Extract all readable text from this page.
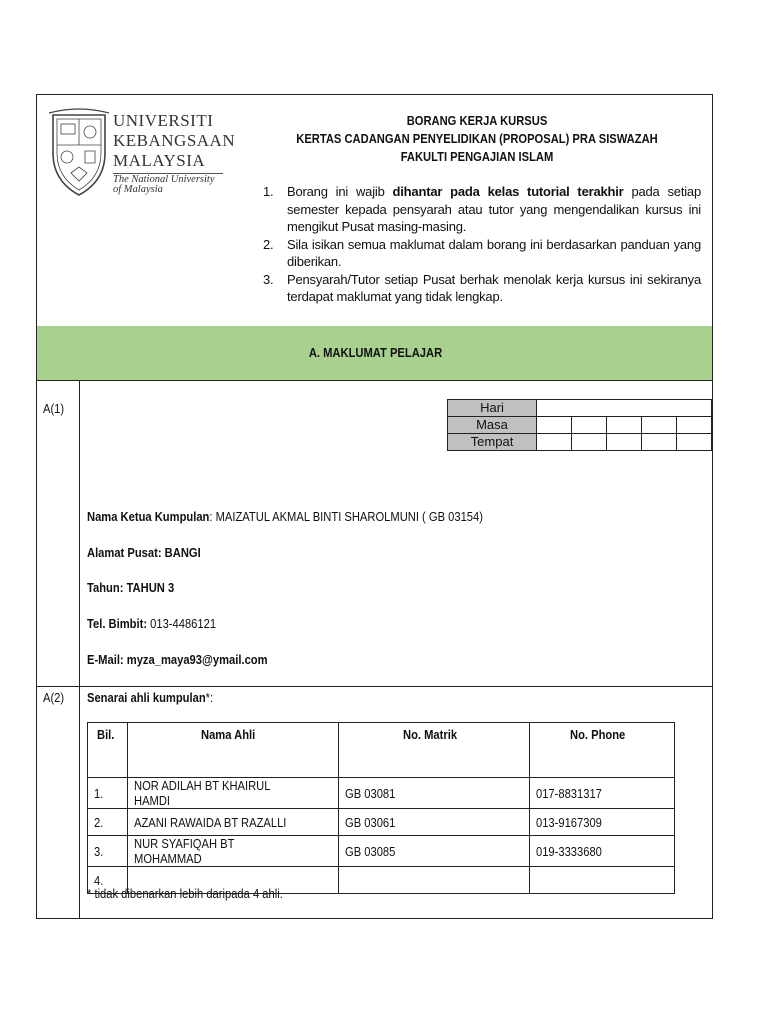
UNIVERSITI
KEBANGSAAN
MALAYSIA
The National University
of Malaysia
BORANG KERJA KURSUS
KERTAS CADANGAN PENYELIDIKAN (PROPOSAL) PRA SISWAZAH
FAKULTI PENGAJIAN ISLAM
1. Borang ini wajib dihantar pada kelas tutorial terakhir pada setiap semester kepada pensyarah atau tutor yang mengendalikan kursus ini mengikut Pusat masing-masing.
2. Sila isikan semua maklumat dalam borang ini berdasarkan panduan yang diberikan.
3. Pensyarah/Tutor setiap Pusat berhak menolak kerja kursus ini sekiranya terdapat maklumat yang tidak lengkap.
A. MAKLUMAT PELAJAR
A(1)	Hari					
Masa					
Tempat					
Nama Ketua Kumpulan: MAIZATUL AKMAL BINTI SHAROLMUNI ( GB 03154)
Alamat Pusat: BANGI
Tahun: TAHUN 3
Tel. Bimbit: 013-4486121
E-Mail: myza_maya93@ymail.com
A(2) Senarai ahli kumpulan*:
Bil.	Nama Ahli	No. Matrik	No. Phone
1.	NOR ADILAH BT KHAIRUL HAMDI	GB 03081	017-8831317
2.	AZANI RAWAIDA BT RAZALLI	GB 03061	013-9167309
3.	NUR SYAFIQAH BT MOHAMMAD	GB 03085	019-3333680
4.			
* tidak dibenarkan lebih daripada 4 ahli.
